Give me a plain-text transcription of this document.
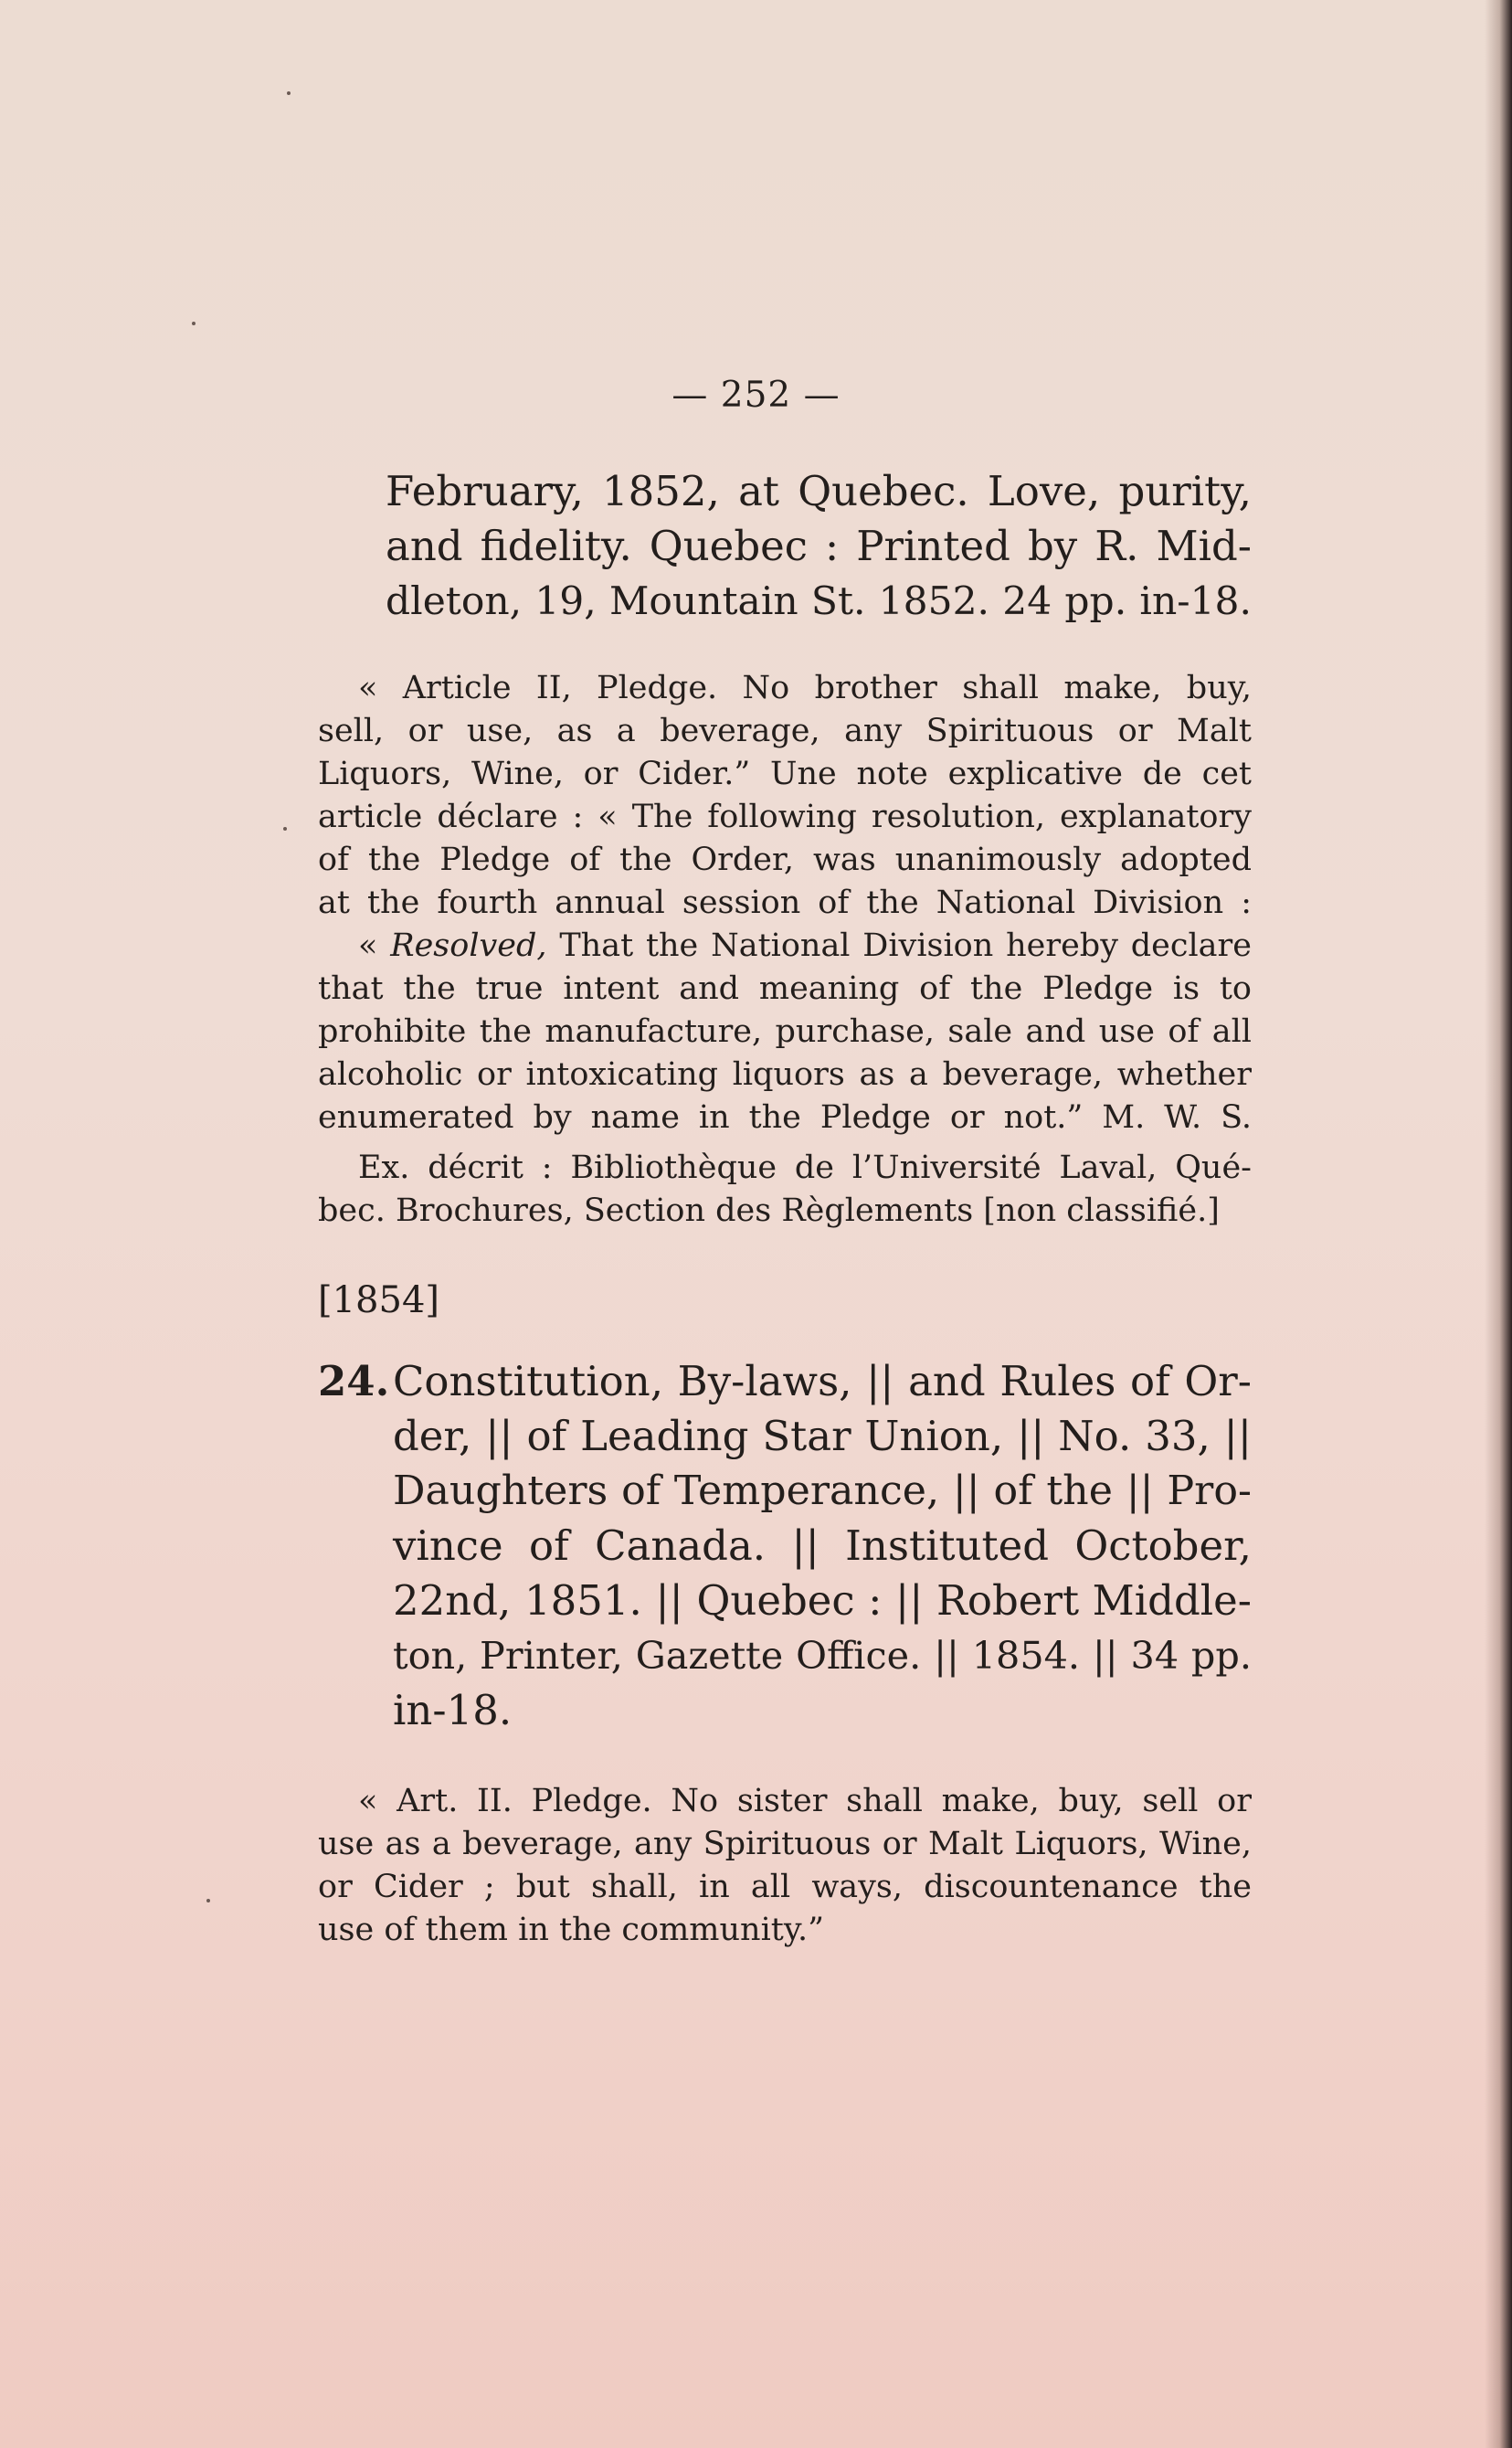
— 252 —
February, 1852, at Quebec. Love, purity,
and fidelity. Quebec : Printed by R. Mid-
dleton, 19, Mountain St. 1852. 24 pp. in-18.
« Article II, Pledge. No brother shall make, buy,
sell, or use, as a beverage, any Spirituous or Malt
Liquors, Wine, or Cider.” Une note explicative de cet
article déclare : « The following resolution, explanatory
of the Pledge of the Order, was unanimously adopted
at the fourth annual session of the National Division :
« Resolved, That the National Division hereby declare
that the true intent and meaning of the Pledge is to
prohibite the manufacture, purchase, sale and use of all
alcoholic or intoxicating liquors as a beverage, whether
enumerated by name in the Pledge or not.” M. W. S.
Ex. décrit : Bibliothèque de l’Université Laval, Qué-
bec. Brochures, Section des Règlements [non classifié.]
[1854]
24. Constitution, By-laws, || and Rules of Or-
der, || of Leading Star Union, || No. 33, ||
Daughters of Temperance, || of the || Pro-
vince of Canada. || Instituted October,
22nd, 1851. || Quebec : || Robert Middle-
ton, Printer, Gazette Office. || 1854. || 34 pp.
in-18.
« Art. II. Pledge. No sister shall make, buy, sell or
use as a beverage, any Spirituous or Malt Liquors, Wine,
or Cider ; but shall, in all ways, discountenance the
use of them in the community.”
